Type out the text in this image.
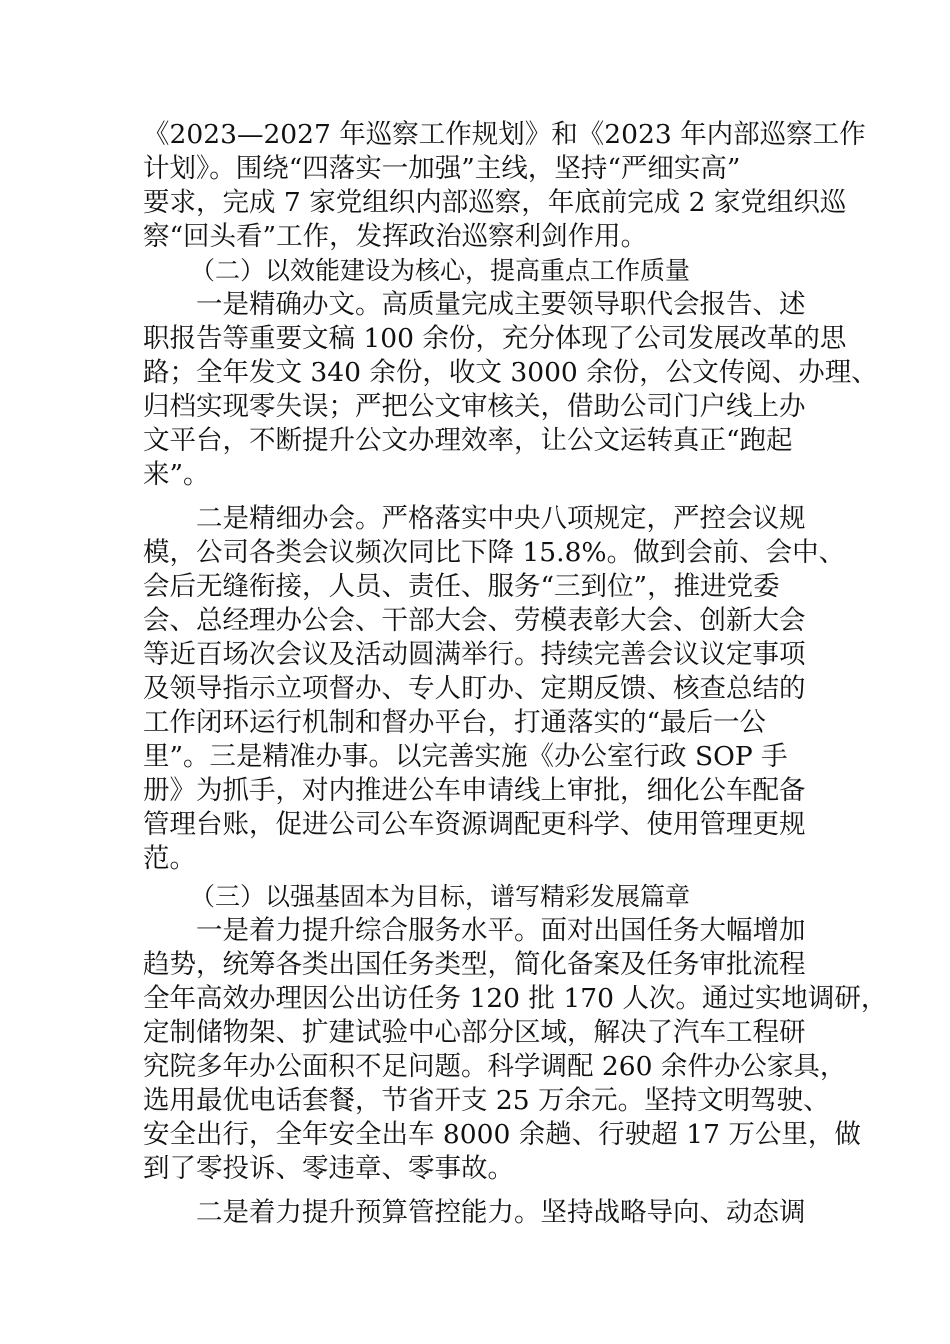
《2023—2027 年巡察工作规划》和《2023 年内部巡察工作
计划》。围绕“四落实一加强”主线，坚持“严细实高”
要求，完成 7 家党组织内部巡察，年底前完成 2 家党组织巡
察“回头看”工作，发挥政治巡察利剑作用。
（二）以效能建设为核心，提高重点工作质量
一是精确办文。高质量完成主要领导职代会报告、述
职报告等重要文稿 100 余份，充分体现了公司发展改革的思
路；全年发文 340 余份，收文 3000 余份，公文传阅、办理、
归档实现零失误；严把公文审核关，借助公司门户线上办
文平台，不断提升公文办理效率，让公文运转真正“跑起
来”。
二是精细办会。严格落实中央八项规定，严控会议规
模，公司各类会议频次同比下降 15.8%。做到会前、会中、
会后无缝衔接，人员、责任、服务“三到位”，推进党委
会、总经理办公会、干部大会、劳模表彰大会、创新大会
等近百场次会议及活动圆满举行。持续完善会议议定事项
及领导指示立项督办、专人盯办、定期反馈、核查总结的
工作闭环运行机制和督办平台，打通落实的“最后一公
里”。三是精准办事。以完善实施《办公室行政 SOP 手
册》为抓手，对内推进公车申请线上审批，细化公车配备
管理台账，促进公司公车资源调配更科学、使用管理更规
范。
（三）以强基固本为目标，谱写精彩发展篇章
一是着力提升综合服务水平。面对出国任务大幅增加
趋势，统筹各类出国任务类型，简化备案及任务审批流程
全年高效办理因公出访任务 120 批 170 人次。通过实地调研，
定制储物架、扩建试验中心部分区域，解决了汽车工程研
究院多年办公面积不足问题。科学调配 260 余件办公家具，
选用最优电话套餐，节省开支 25 万余元。坚持文明驾驶、
安全出行，全年安全出车 8000 余趟、行驶超 17 万公里，做
到了零投诉、零违章、零事故。
二是着力提升预算管控能力。坚持战略导向、动态调
